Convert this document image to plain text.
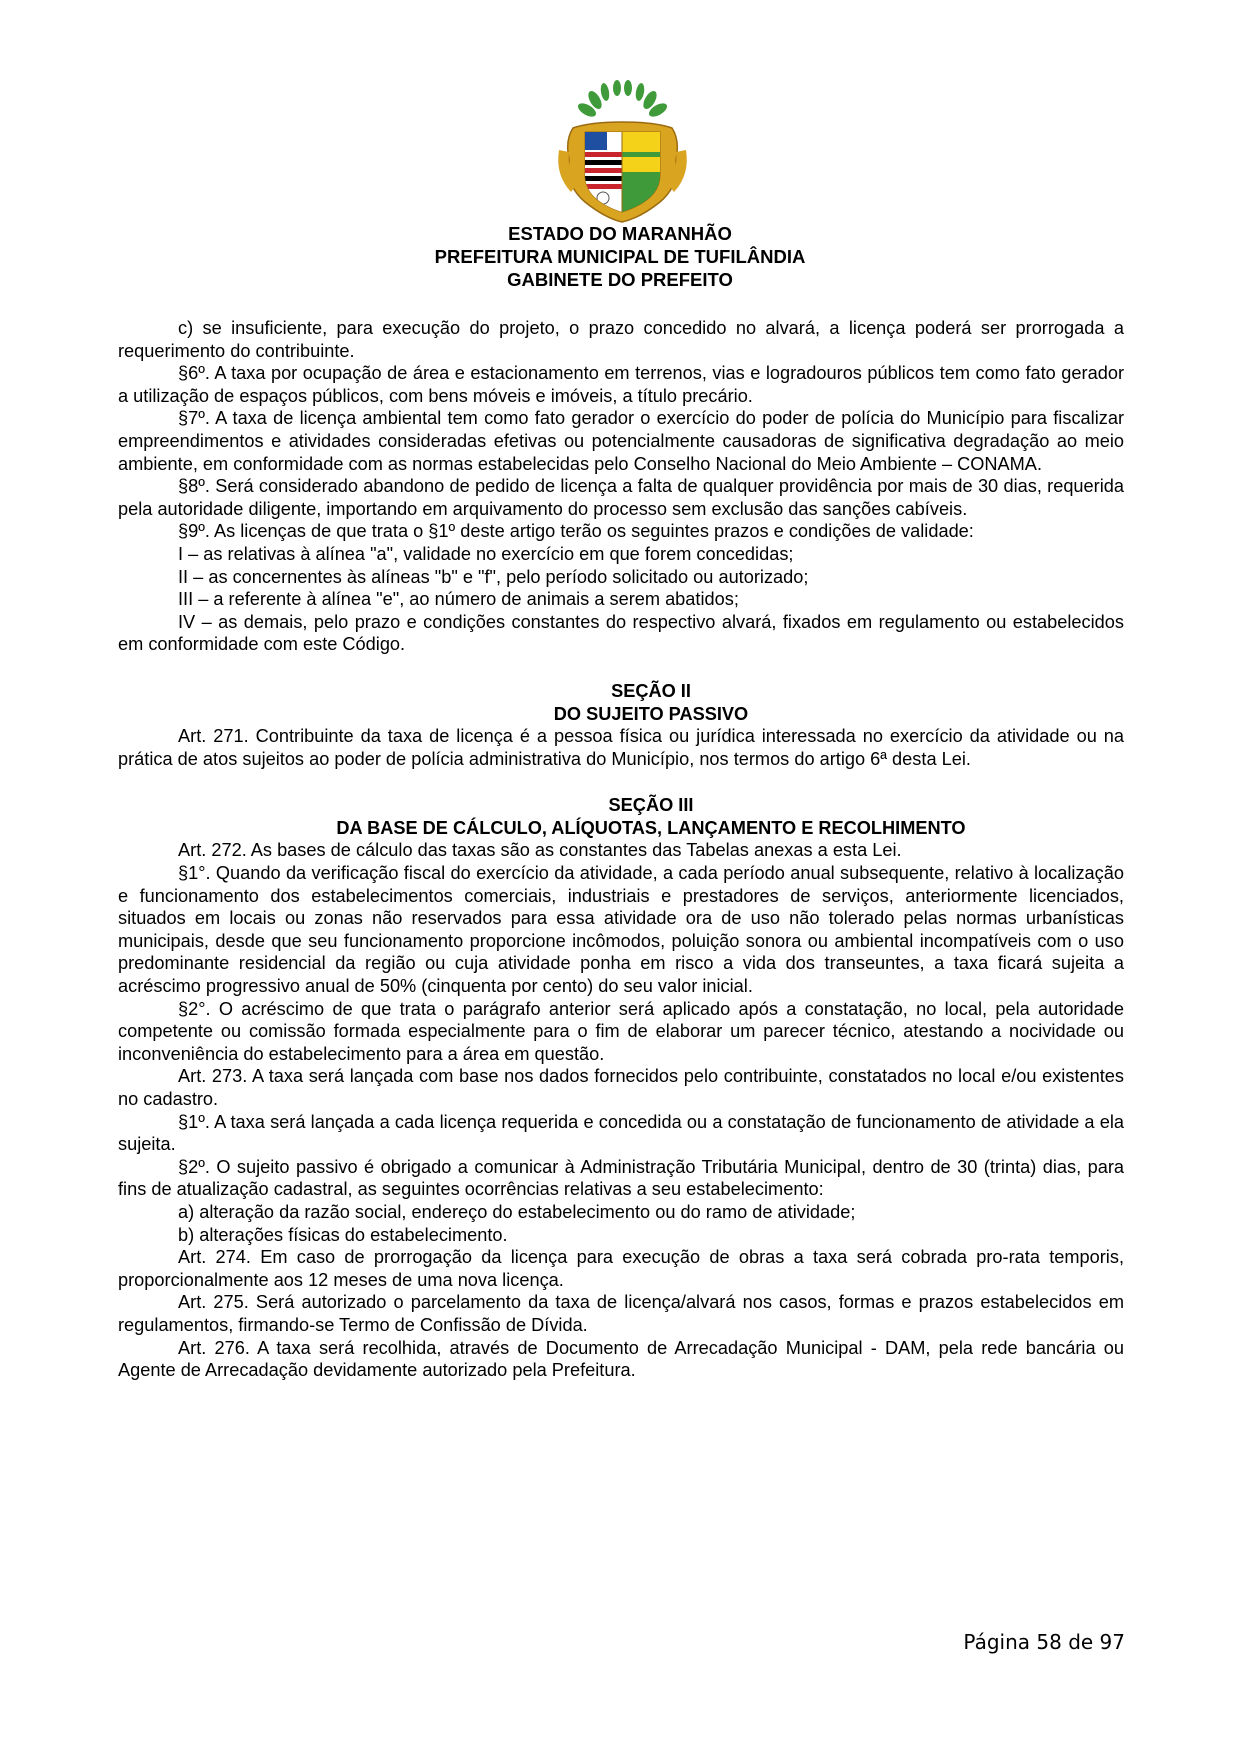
ESTADO DO MARANHÃO
PREFEITURA MUNICIPAL DE TUFILÂNDIA
GABINETE DO PREFEITO

c) se insuficiente, para execução do projeto, o prazo concedido no alvará, a licença poderá ser prorrogada a requerimento do contribuinte.

§6º. A taxa por ocupação de área e estacionamento em terrenos, vias e logradouros públicos tem como fato gerador a utilização de espaços públicos, com bens móveis e imóveis, a título precário.

§7º. A taxa de licença ambiental tem como fato gerador o exercício do poder de polícia do Município para fiscalizar empreendimentos e atividades consideradas efetivas ou potencialmente causadoras de significativa degradação ao meio ambiente, em conformidade com as normas estabelecidas pelo Conselho Nacional do Meio Ambiente – CONAMA.

§8º. Será considerado abandono de pedido de licença a falta de qualquer providência por mais de 30 dias, requerida pela autoridade diligente, importando em arquivamento do processo sem exclusão das sanções cabíveis.

§9º. As licenças de que trata o §1º deste artigo terão os seguintes prazos e condições de validade:

I – as relativas à alínea "a", validade no exercício em que forem concedidas;

II – as concernentes às alíneas "b" e "f", pelo período solicitado ou autorizado;

III – a referente à alínea "e", ao número de animais a serem abatidos;

IV – as demais, pelo prazo e condições constantes do respectivo alvará, fixados em regulamento ou estabelecidos em conformidade com este Código.

SEÇÃO II

DO SUJEITO PASSIVO

Art. 271. Contribuinte da taxa de licença é a pessoa física ou jurídica interessada no exercício da atividade ou na prática de atos sujeitos ao poder de polícia administrativa do Município, nos termos do artigo 6ª desta Lei.

SEÇÃO III

DA BASE DE CÁLCULO, ALÍQUOTAS, LANÇAMENTO E RECOLHIMENTO

Art. 272. As bases de cálculo das taxas são as constantes das Tabelas anexas a esta Lei.

§1°. Quando da verificação fiscal do exercício da atividade, a cada período anual subsequente, relativo à localização e funcionamento dos estabelecimentos comerciais, industriais e prestadores de serviços, anteriormente licenciados, situados em locais ou zonas não reservados para essa atividade ora de uso não tolerado pelas normas urbanísticas municipais, desde que seu funcionamento proporcione incômodos, poluição sonora ou ambiental incompatíveis com o uso predominante residencial da região ou cuja atividade ponha em risco a vida dos transeuntes, a taxa ficará sujeita a acréscimo progressivo anual de 50% (cinquenta por cento) do seu valor inicial.

§2°. O acréscimo de que trata o parágrafo anterior será aplicado após a constatação, no local, pela autoridade competente ou comissão formada especialmente para o fim de elaborar um parecer técnico, atestando a nocividade ou inconveniência do estabelecimento para a área em questão.

Art. 273. A taxa será lançada com base nos dados fornecidos pelo contribuinte, constatados no local e/ou existentes no cadastro.

§1º. A taxa será lançada a cada licença requerida e concedida ou a constatação de funcionamento de atividade a ela sujeita.

§2º. O sujeito passivo é obrigado a comunicar à Administração Tributária Municipal, dentro de 30 (trinta) dias, para fins de atualização cadastral, as seguintes ocorrências relativas a seu estabelecimento:

a) alteração da razão social, endereço do estabelecimento ou do ramo de atividade;

b) alterações físicas do estabelecimento.

Art. 274. Em caso de prorrogação da licença para execução de obras a taxa será cobrada pro-rata temporis, proporcionalmente aos 12 meses de uma nova licença.

Art. 275. Será autorizado o parcelamento da taxa de licença/alvará nos casos, formas e prazos estabelecidos em regulamentos, firmando-se Termo de Confissão de Dívida.

Art. 276. A taxa será recolhida, através de Documento de Arrecadação Municipal - DAM, pela rede bancária ou Agente de Arrecadação devidamente autorizado pela Prefeitura.

Página 58 de 97
